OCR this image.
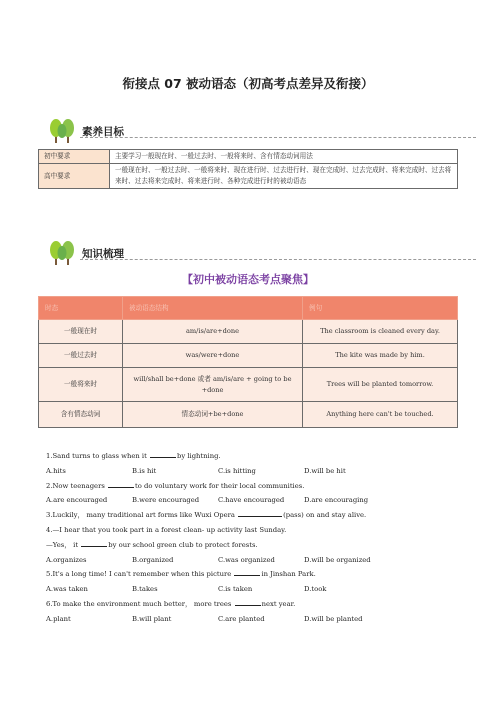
衔接点 07 被动语态（初高考点差异及衔接）
素养目标
初中要求	主要学习一般现在时、一般过去时、一般将来时、含有情态动词用法
高中要求	一般现在时、一般过去时、一般将来时、现在进行时、过去进行时、现在完成时、过去完成时、将来完成时、过去将来时、过去将来完成时、将来进行时、各种完成进行时的被动语态
知识梳理
【初中被动语态考点聚焦】
时态	被动语态结构	例句
一般现在时	am/is/are+done	The classroom is cleaned every day.
一般过去时	was/were+done	The kite was made by him.
一般将来时	will/shall be+done 或者 am/is/are + going to be +done	Trees will be planted tomorrow.
含有情态动词	情态动词+be+done	Anything here can't be touched.
1.Sand turns to glass when it	by lightning.
A.hits	B.is hit	C.is hitting	D.will be hit
2.Now teenagers	to do voluntary work for their local communities.
A.are encouraged	B.were encouraged	C.have encouraged	D.are encouraging
3.Luckily， many traditional art forms like Wuxi Opera	(pass) on and stay alive.
4.—I hear that you took part in a forest clean- up activity last Sunday.
—Yes， it	by our school green club to protect forests.
A.organizes	B.organized	C.was organized	D.will be organized
5.It's a long time! I can't remember when this picture	in Jinshan Park.
A.was taken	B.takes	C.is taken	D.took
6.To make the environment much better， more trees	next year.
A.plant	B.will plant	C.are planted	D.will be planted
